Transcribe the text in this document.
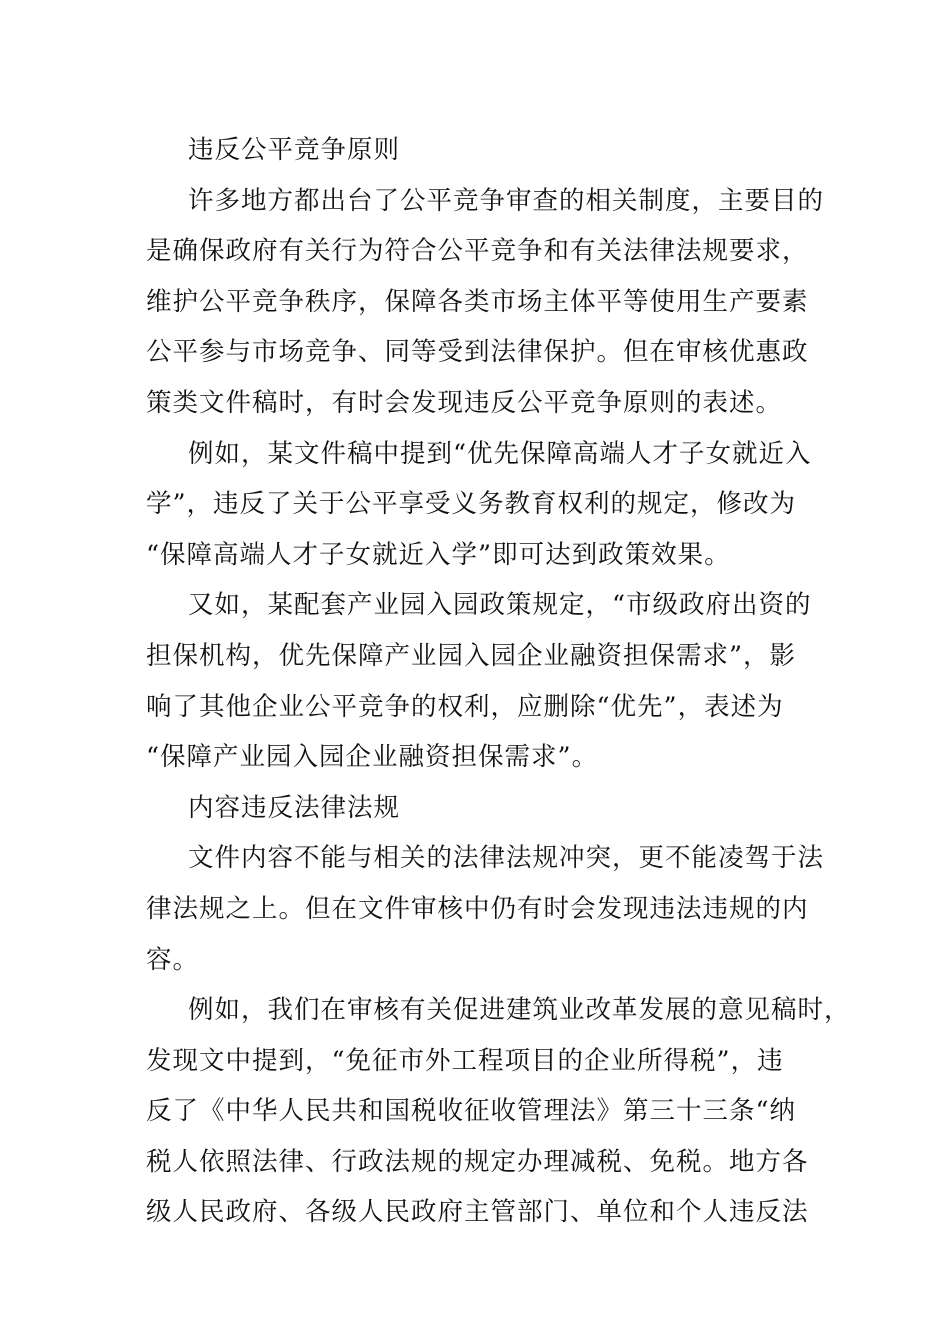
违反公平竞争原则
许多地方都出台了公平竞争审查的相关制度，主要目的
是确保政府有关行为符合公平竞争和有关法律法规要求，
维护公平竞争秩序，保障各类市场主体平等使用生产要素
公平参与市场竞争、同等受到法律保护。但在审核优惠政
策类文件稿时，有时会发现违反公平竞争原则的表述。
例如，某文件稿中提到“优先保障高端人才子女就近入
学”，违反了关于公平享受义务教育权利的规定，修改为
“保障高端人才子女就近入学”即可达到政策效果。
又如，某配套产业园入园政策规定，“市级政府出资的
担保机构，优先保障产业园入园企业融资担保需求”，影
响了其他企业公平竞争的权利，应删除“优先”，表述为
“保障产业园入园企业融资担保需求”。
内容违反法律法规
文件内容不能与相关的法律法规冲突，更不能凌驾于法
律法规之上。但在文件审核中仍有时会发现违法违规的内
容。
例如，我们在审核有关促进建筑业改革发展的意见稿时，
发现文中提到，“免征市外工程项目的企业所得税”，违
反了《中华人民共和国税收征收管理法》第三十三条“纳
税人依照法律、行政法规的规定办理减税、免税。地方各
级人民政府、各级人民政府主管部门、单位和个人违反法
